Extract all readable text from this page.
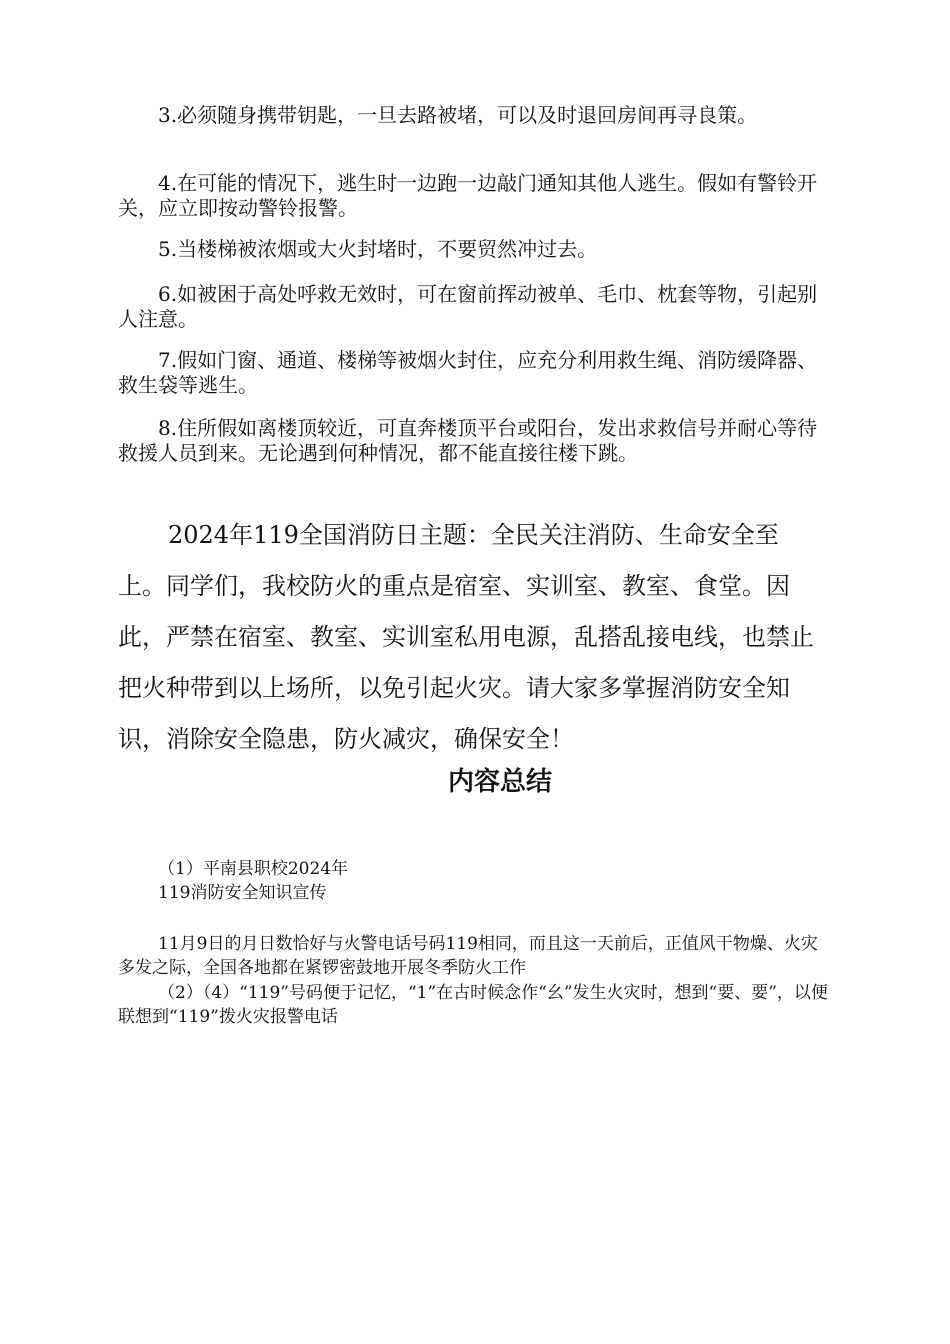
3.必须随身携带钥匙，一旦去路被堵，可以及时退回房间再寻良策。

4.在可能的情况下，逃生时一边跑一边敲门通知其他人逃生。假如有警铃开关，应立即按动警铃报警。

5.当楼梯被浓烟或大火封堵时，不要贸然冲过去。

6.如被困于高处呼救无效时，可在窗前挥动被单、毛巾、枕套等物，引起别人注意。

7.假如门窗、通道、楼梯等被烟火封住，应充分利用救生绳、消防缓降器、救生袋等逃生。

8.住所假如离楼顶较近，可直奔楼顶平台或阳台，发出求救信号并耐心等待救援人员到来。无论遇到何种情况，都不能直接往楼下跳。

2024年119全国消防日主题：全民关注消防、生命安全至上。同学们，我校防火的重点是宿室、实训室、教室、食堂。因此，严禁在宿室、教室、实训室私用电源，乱搭乱接电线，也禁止把火种带到以上场所，以免引起火灾。请大家多掌握消防安全知识，消除安全隐患，防火减灾，确保安全！

内容总结
（1）平南县职校2024年
119消防安全知识宣传

11月9日的月日数恰好与火警电话号码119相同，而且这一天前后，正值风干物燥、火灾多发之际，全国各地都在紧锣密鼓地开展冬季防火工作

（2）（4）“119”号码便于记忆，“1”在古时候念作“幺”发生火灾时，想到“要、要”，以便联想到“119”拨火灾报警电话
